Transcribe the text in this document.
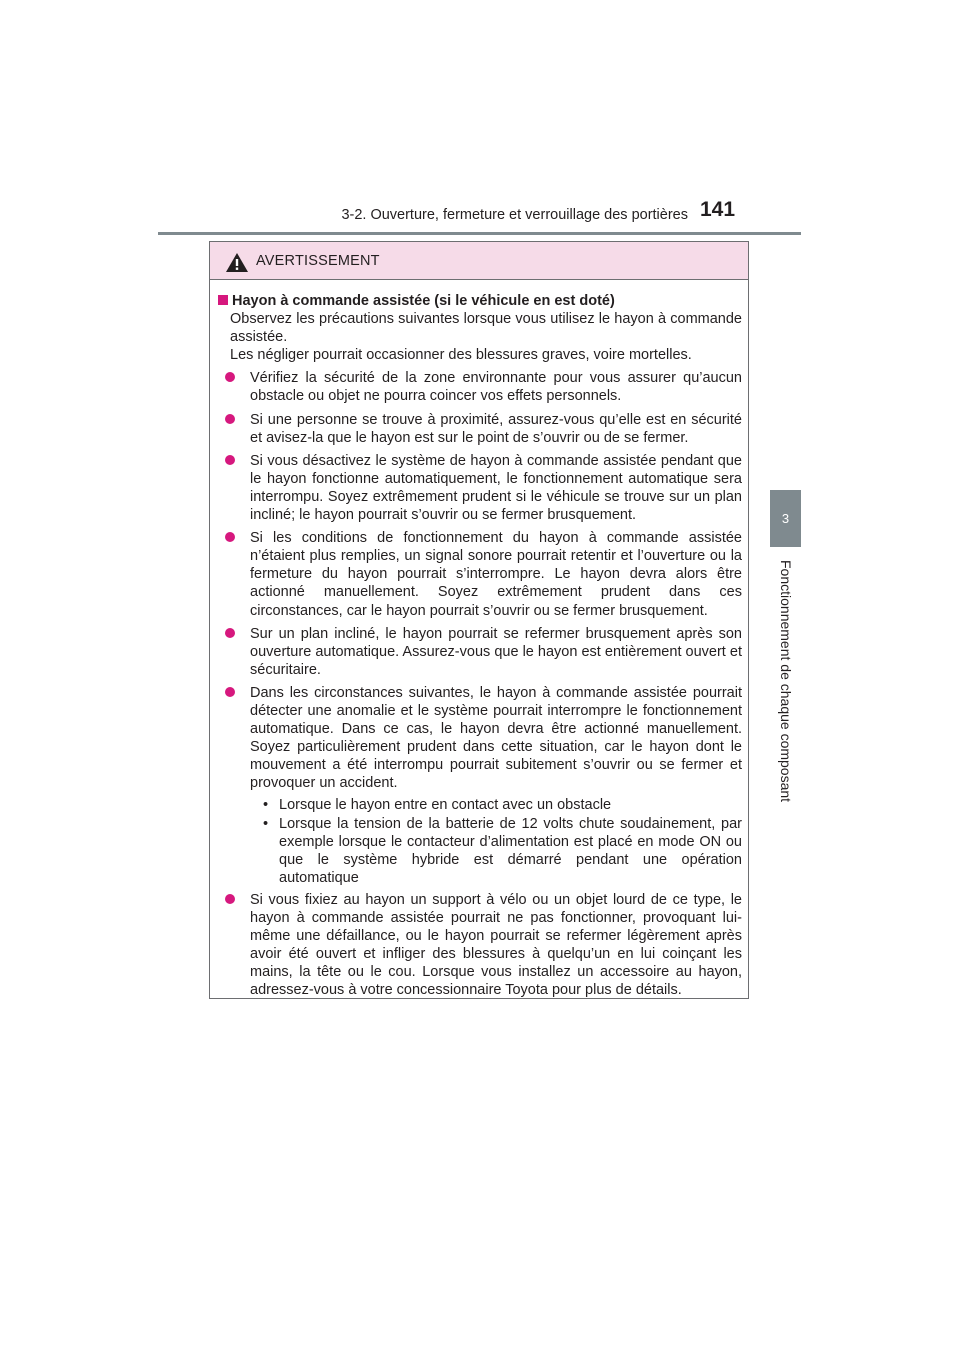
3-2. Ouverture, fermeture et verrouillage des portières 141
3
Fonctionnement de chaque composant
AVERTISSEMENT
Hayon à commande assistée (si le véhicule en est doté)

Observez les précautions suivantes lorsque vous utilisez le hayon à commande assistée.

Les négliger pourrait occasionner des blessures graves, voire mortelles.

Vérifiez la sécurité de la zone environnante pour vous assurer qu’aucun obstacle ou objet ne pourra coincer vos effets personnels.
Si une personne se trouve à proximité, assurez-vous qu’elle est en sécurité et avisez-la que le hayon est sur le point de s’ouvrir ou de se fermer.
Si vous désactivez le système de hayon à commande assistée pendant que le hayon fonctionne automatiquement, le fonctionnement automatique sera interrompu. Soyez extrêmement prudent si le véhicule se trouve sur un plan incliné; le hayon pourrait s’ouvrir ou se fermer brusquement.
Si les conditions de fonctionnement du hayon à commande assistée n’étaient plus remplies, un signal sonore pourrait retentir et l’ouverture ou la fermeture du hayon pourrait s’interrompre. Le hayon devra alors être actionné manuellement. Soyez extrêmement prudent dans ces circonstances, car le hayon pourrait s’ouvrir ou se fermer brusquement.
Sur un plan incliné, le hayon pourrait se refermer brusquement après son ouverture automatique. Assurez-vous que le hayon est entièrement ouvert et sécuritaire.
Dans les circonstances suivantes, le hayon à commande assistée pourrait détecter une anomalie et le système pourrait interrompre le fonctionnement automatique. Dans ce cas, le hayon devra être actionné manuellement. Soyez particulièrement prudent dans cette situation, car le hayon dont le mouvement a été interrompu pourrait subitement s’ouvrir ou se fermer et provoquer un accident.
• Lorsque le hayon entre en contact avec un obstacle
• Lorsque la tension de la batterie de 12 volts chute soudainement, par exemple lorsque le contacteur d’alimentation est placé en mode ON ou que le système hybride est démarré pendant une opération automatique
Si vous fixiez au hayon un support à vélo ou un objet lourd de ce type, le hayon à commande assistée pourrait ne pas fonctionner, provoquant lui-même une défaillance, ou le hayon pourrait se refermer légèrement après avoir été ouvert et infliger des blessures à quelqu’un en lui coinçant les mains, la tête ou le cou. Lorsque vous installez un accessoire au hayon, adressez-vous à votre concessionnaire Toyota pour plus de détails.
